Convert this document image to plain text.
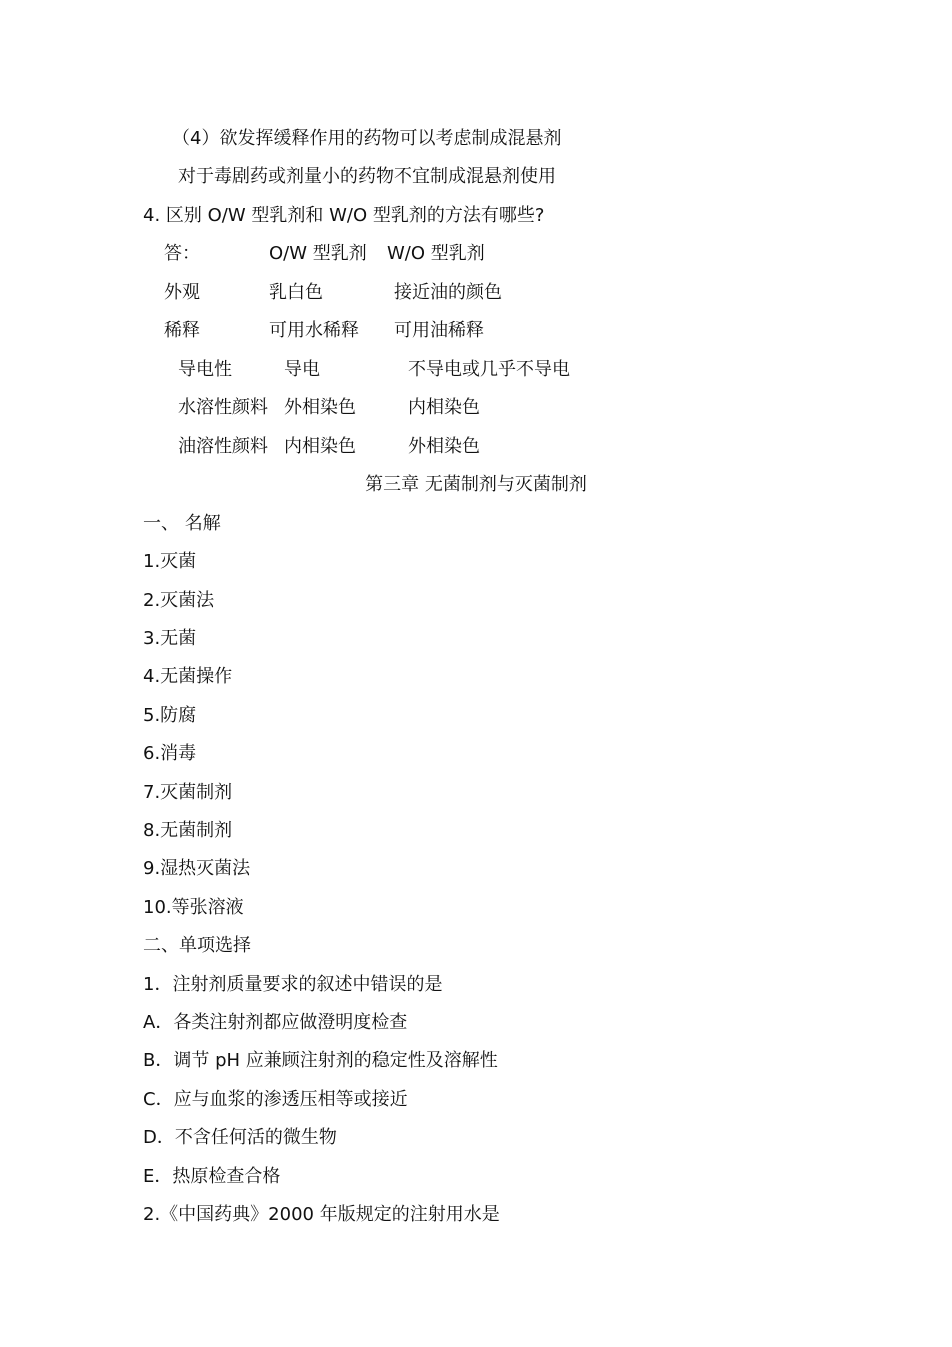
（4）欲发挥缓释作用的药物可以考虑制成混悬剂
对于毒剧药或剂量小的药物不宜制成混悬剂使用
4. 区别 O/W 型乳剂和 W/O 型乳剂的方法有哪些?
答：	O/W 型乳剂 W/O 型乳剂
外观	乳白色	接近油的颜色
稀释	可用水稀释 可用油稀释
导电性	导电	不导电或几乎不导电
水溶性颜料 外相染色	内相染色
油溶性颜料 内相染色	外相染色
第三章 无菌制剂与灭菌制剂
一、 名解
1.灭菌
2.灭菌法
3.无菌
4.无菌操作
5.防腐
6.消毒
7.灭菌制剂
8.无菌制剂
9.湿热灭菌法
10.等张溶液
二、单项选择
1．注射剂质量要求的叙述中错误的是
A．各类注射剂都应做澄明度检查
B．调节 pH 应兼顾注射剂的稳定性及溶解性
C．应与血浆的渗透压相等或接近
D．不含任何活的微生物
E．热原检查合格
2.《中国药典》2000 年版规定的注射用水是
